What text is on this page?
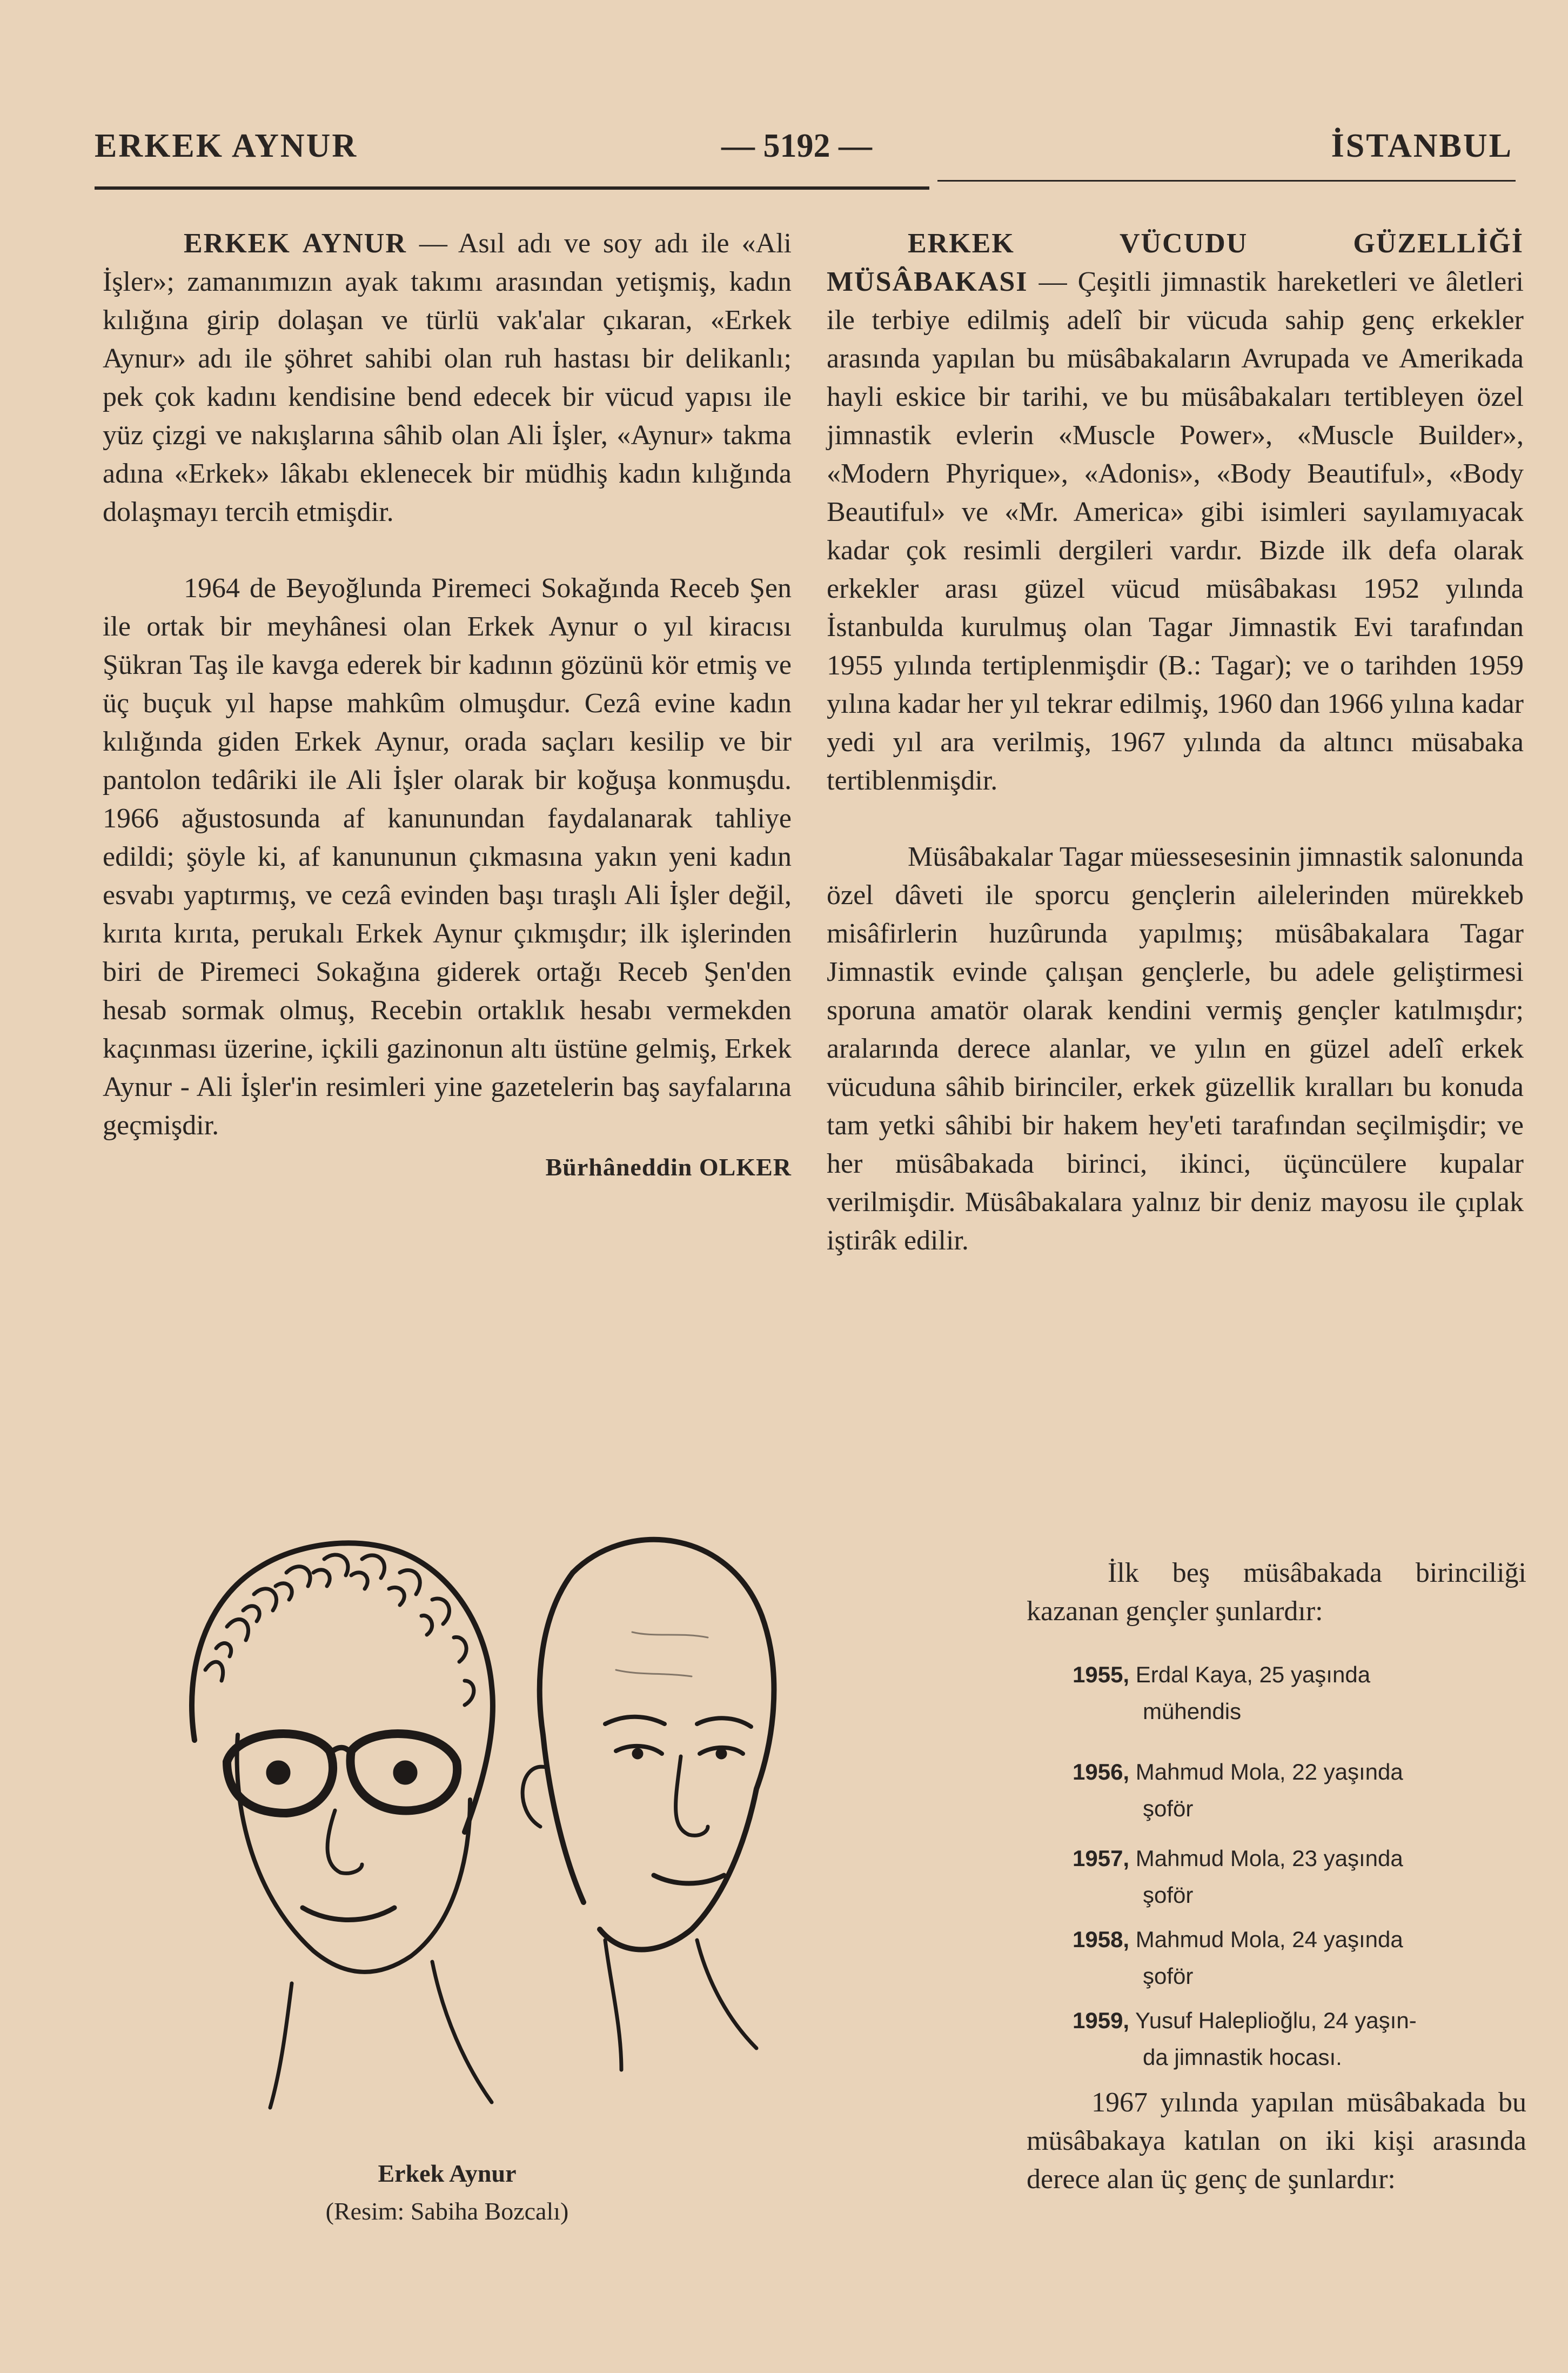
ERKEK AYNUR	— 5192 —	İSTANBUL

ERKEK AYNUR — Asıl adı ve soy adı ile «Ali İşler»; zamanımızın ayak takımı arasından yetişmiş, kadın kılığına girip dolaşan ve türlü vak'alar çıkaran, «Erkek Aynur» adı ile şöhret sahibi olan ruh hastası bir delikanlı; pek çok kadını kendisine bend edecek bir vücud yapısı ile yüz çizgi ve nakışlarına sâhib olan Ali İşler, «Aynur» takma adına «Erkek» lâkabı eklenecek bir müdhiş kadın kılığında dolaşmayı tercih etmişdir.

1964 de Beyoğlunda Piremeci Sokağında Receb Şen ile ortak bir meyhânesi olan Erkek Aynur o yıl kiracısı Şükran Taş ile kavga ederek bir kadının gözünü kör etmiş ve üç buçuk yıl hapse mahkûm olmuşdur. Cezâ evine kadın kılığında giden Erkek Aynur, orada saçları kesilip ve bir pantolon tedâriki ile Ali İşler olarak bir koğuşa konmuşdu. 1966 ağustosunda af kanunundan faydalanarak tahliye edildi; şöyle ki, af kanununun çıkmasına yakın yeni kadın esvabı yaptırmış, ve cezâ evinden başı tıraşlı Ali İşler değil, kırıta kırıta, perukalı Erkek Aynur çıkmışdır; ilk işlerinden biri de Piremeci Sokağına giderek ortağı Receb Şen'den hesab sormak olmuş, Recebin ortaklık hesabı vermekden kaçınması üzerine, içkili gazinonun altı üstüne gelmiş, Erkek Aynur - Ali İşler'in resimleri yine gazetelerin baş sayfalarına geçmişdir.

Bürhâneddin OLKER
Erkek Aynur
(Resim: Sabiha Bozcalı)

ERKEK VÜCUDU GÜZELLİĞİ MÜSÂBAKASI — Çeşitli jimnastik hareketleri ve âletleri ile terbiye edilmiş adelî bir vücuda sahip genç erkekler arasında yapılan bu müsâbakaların Avrupada ve Amerikada hayli eskice bir tarihi, ve bu müsâbakaları tertibleyen özel jimnastik evlerin «Muscle Power», «Muscle Builder», «Modern Phyrique», «Adonis», «Body Beautiful», «Body Beautiful» ve «Mr. America» gibi isimleri sayılamıyacak kadar çok resimli dergileri vardır. Bizde ilk defa olarak erkekler arası güzel vücud müsâbakası 1952 yılında İstanbulda kurulmuş olan Tagar Jimnastik Evi tarafından 1955 yılında tertiplenmişdir (B.: Tagar); ve o tarihden 1959 yılına kadar her yıl tekrar edilmiş, 1960 dan 1966 yılına kadar yedi yıl ara verilmiş, 1967 yılında da altıncı müsabaka tertiblenmişdir.

Müsâbakalar Tagar müessesesinin jimnastik salonunda özel dâveti ile sporcu gençlerin ailelerinden mürekkeb misâfirlerin huzûrunda yapılmış; müsâbakalara Tagar Jimnastik evinde çalışan gençlerle, bu adele geliştirmesi sporuna amatör olarak kendini vermiş gençler katılmışdır; aralarında derece alanlar, ve yılın en güzel adelî erkek vücuduna sâhib birinciler, erkek güzellik kıralları bu konuda tam yetki sâhibi bir hakem hey'eti tarafından seçilmişdir; ve her müsâbakada birinci, ikinci, üçüncülere kupalar verilmişdir. Müsâbakalara yalnız bir deniz mayosu ile çıplak iştirâk edilir.

İlk beş müsâbakada birinciliği kazanan gençler şunlardır:

1955, Erdal Kaya, 25 yaşında
mühendis
1956, Mahmud Mola, 22 yaşında
şoför
1957, Mahmud Mola, 23 yaşında
şoför
1958, Mahmud Mola, 24 yaşında
şoför
1959, Yusuf Haleplioğlu, 24 yaşın-
da jimnastik hocası.

1967 yılında yapılan müsâbakada bu müsâbakaya katılan on iki kişi arasında derece alan üç genç de şunlardır:
